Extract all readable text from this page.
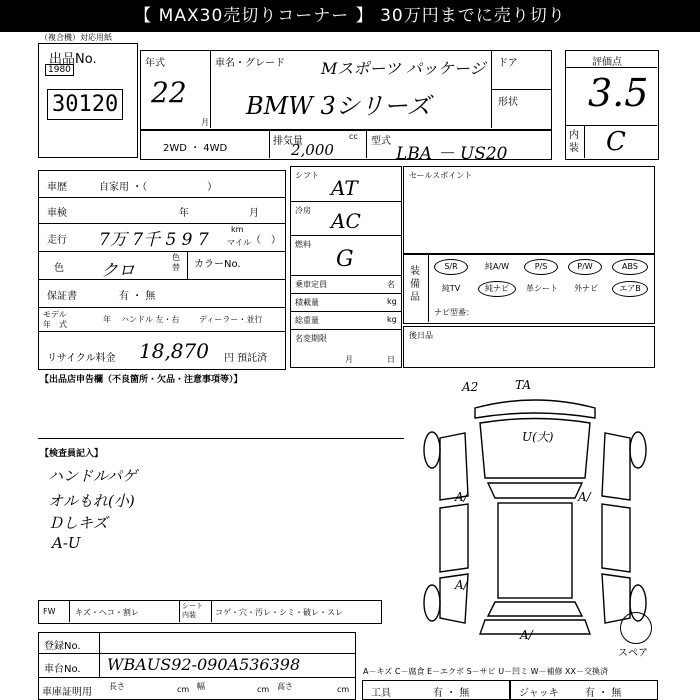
【 MAX30売切りコーナー 】 30万円までに売り切り
（複合機）対応用紙
出品No.
1980
30120
年式
22
月
車名・グレード Mスポーツ パッケージ
BMW 3シリーズ
ドア
形状
評価点
3.5
内装 C
2WD ・ 4WD
排気量	cc
2,000	型式
LBA － US20
車歴	自家用 ・（　　　　　　）
車検	年	月
走行 7万 7千 5 9 7
km
マイル （　）
色 クロ
色替 カラーNo.
保証書	有 ・ 無
モデル
年　式
年 ハンドル 左・右 ディーラー・並行
リサイクル料金 18,870 円 預託済
シフト
AT
冷房 AC
燃料
G
乗車定員	名
積載量	kg
総重量	kg
名変期限
月	日
セールスポイント
装備品
S/R	純A/W	P/S	P/W	ABS
純TV	純ナビ	革シート	外ナビ	エアB
ナビ型番：
後日品
【出品店申告欄（不良箇所・欠品・注意事項等）】
【検査員記入】
ハンドルパゲ
オルもれ(小)
Ｄしキズ
A-U
A2	TA
U(大)
A/	A/
A/
A/
スペア
FW キズ・ヘコ・割レ
シート内装	コゲ・穴・汚レ・シミ・破レ・スレ
登録No.
車台No. WBAUS92-090A536398
車庫証明用
長さ	cm 幅	cm 高さ	cm
A－キズ C－腐食 E－エクボ S－サビ U－凹ミ W－補修 XX－交換済
工具	有 ・ 無	ジャッキ	有 ・ 無
